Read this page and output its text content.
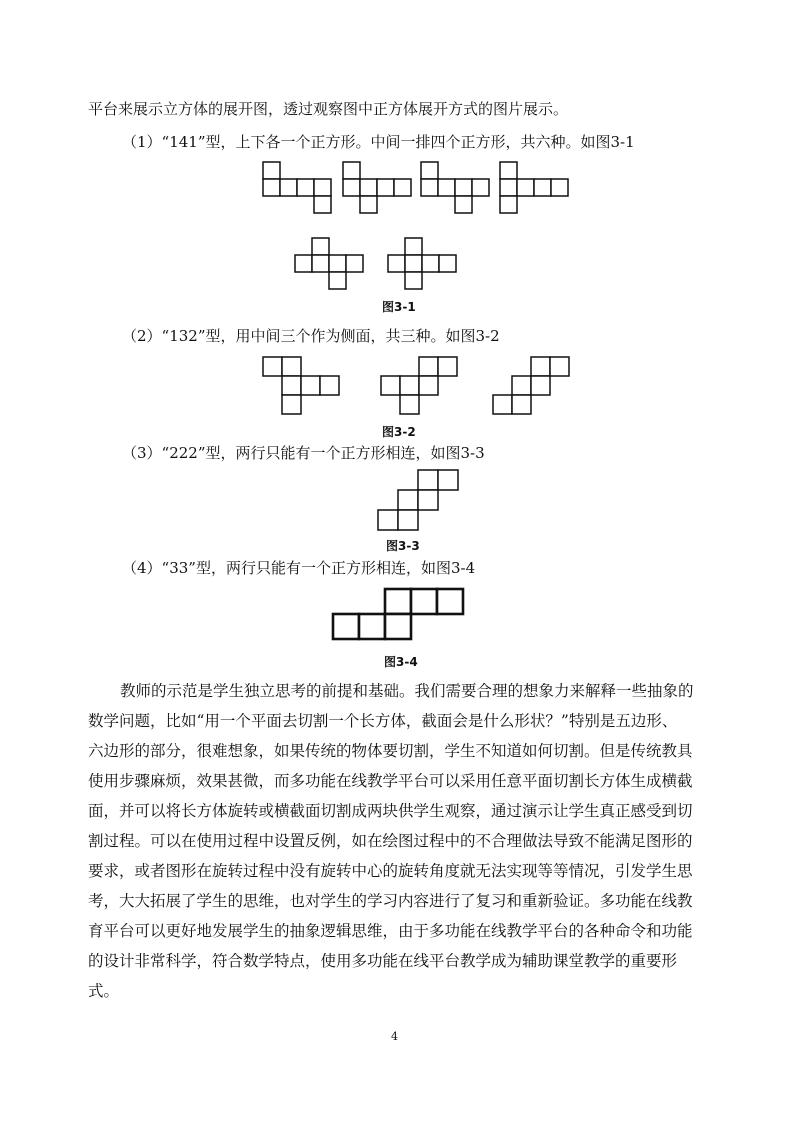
平台来展示立方体的展开图，透过观察图中正方体展开方式的图片展示。
（1）“141”型，上下各一个正方形。中间一排四个正方形，共六种。如图3-1
图3-1
（2）“132”型，用中间三个作为侧面，共三种。如图3-2
图3-2
（3）“222”型，两行只能有一个正方形相连，如图3-3
图3-3
（4）“33”型，两行只能有一个正方形相连，如图3-4
图3-4
教师的示范是学生独立思考的前提和基础。我们需要合理的想象力来解释一些抽象的
数学问题，比如“用一个平面去切割一个长方体，截面会是什么形状？”特别是五边形、
六边形的部分，很难想象，如果传统的物体要切割，学生不知道如何切割。但是传统教具
使用步骤麻烦，效果甚微，而多功能在线教学平台可以采用任意平面切割长方体生成横截
面，并可以将长方体旋转或横截面切割成两块供学生观察，通过演示让学生真正感受到切
割过程。可以在使用过程中设置反例，如在绘图过程中的不合理做法导致不能满足图形的
要求，或者图形在旋转过程中没有旋转中心的旋转角度就无法实现等等情况，引发学生思
考，大大拓展了学生的思维，也对学生的学习内容进行了复习和重新验证。多功能在线教
育平台可以更好地发展学生的抽象逻辑思维，由于多功能在线教学平台的各种命令和功能
的设计非常科学，符合数学特点，使用多功能在线平台教学成为辅助课堂教学的重要形
式。
4
